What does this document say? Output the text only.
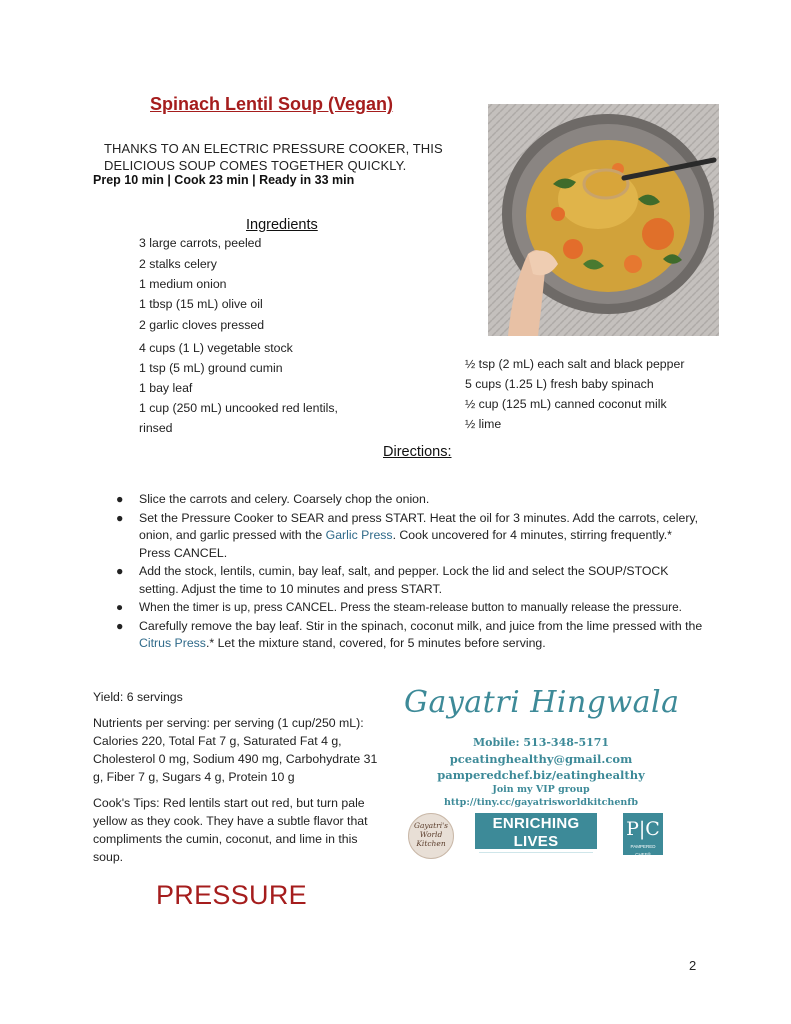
Spinach Lentil Soup (Vegan)
THANKS TO AN ELECTRIC PRESSURE COOKER, THIS
DELICIOUS SOUP COMES TOGETHER QUICKLY.
Prep 10 min | Cook 23 min | Ready in 33 min
Ingredients
3 large carrots, peeled
2 stalks celery
1 medium onion
1 tbsp (15 mL) olive oil
2 garlic cloves pressed
4 cups (1 L) vegetable stock
1 tsp (5 mL) ground cumin
1 bay leaf
1 cup (250 mL) uncooked red lentils,
rinsed
½ tsp (2 mL) each salt and black pepper
5 cups (1.25 L) fresh baby spinach
½ cup (125 mL) canned coconut milk
½ lime
Directions:
● Slice the carrots and celery. Coarsely chop the onion.
● Set the Pressure Cooker to SEAR and press START. Heat the oil for 3 minutes. Add the carrots, celery, onion, and garlic pressed with the Garlic Press. Cook uncovered for 4 minutes, stirring frequently.* Press CANCEL.
● Add the stock, lentils, cumin, bay leaf, salt, and pepper. Lock the lid and select the SOUP/STOCK setting. Adjust the time to 10 minutes and press START.
● When the timer is up, press CANCEL. Press the steam-release button to manually release the pressure.
● Carefully remove the bay leaf. Stir in the spinach, coconut milk, and juice from the lime pressed with the Citrus Press.* Let the mixture stand, covered, for 5 minutes before serving.

Yield: 6 servings

Nutrients per serving: per serving (1 cup/250 mL): Calories 220, Total Fat 7 g, Saturated Fat 4 g, Cholesterol 0 mg, Sodium 490 mg, Carbohydrate 31 g, Fiber 7 g, Sugars 4 g, Protein 10 g

Cook's Tips: Red lentils start out red, but turn pale yellow as they cook. They have a subtle flavor that compliments the cumin, coconut, and lime in this soup.

PRESSURE
Gayatri Hingwala
Mobile: 513-348-5171
pceatinghealthy@gmail.com
pamperedchef.biz/eatinghealthy
Join my VIP group
http://tiny.cc/gayatrisworldkitchenfb
Gayatri's World Kitchen
ENRICHING LIVES
one meal & one memory at a time
P|C
PAMPERED CHEF®
2
